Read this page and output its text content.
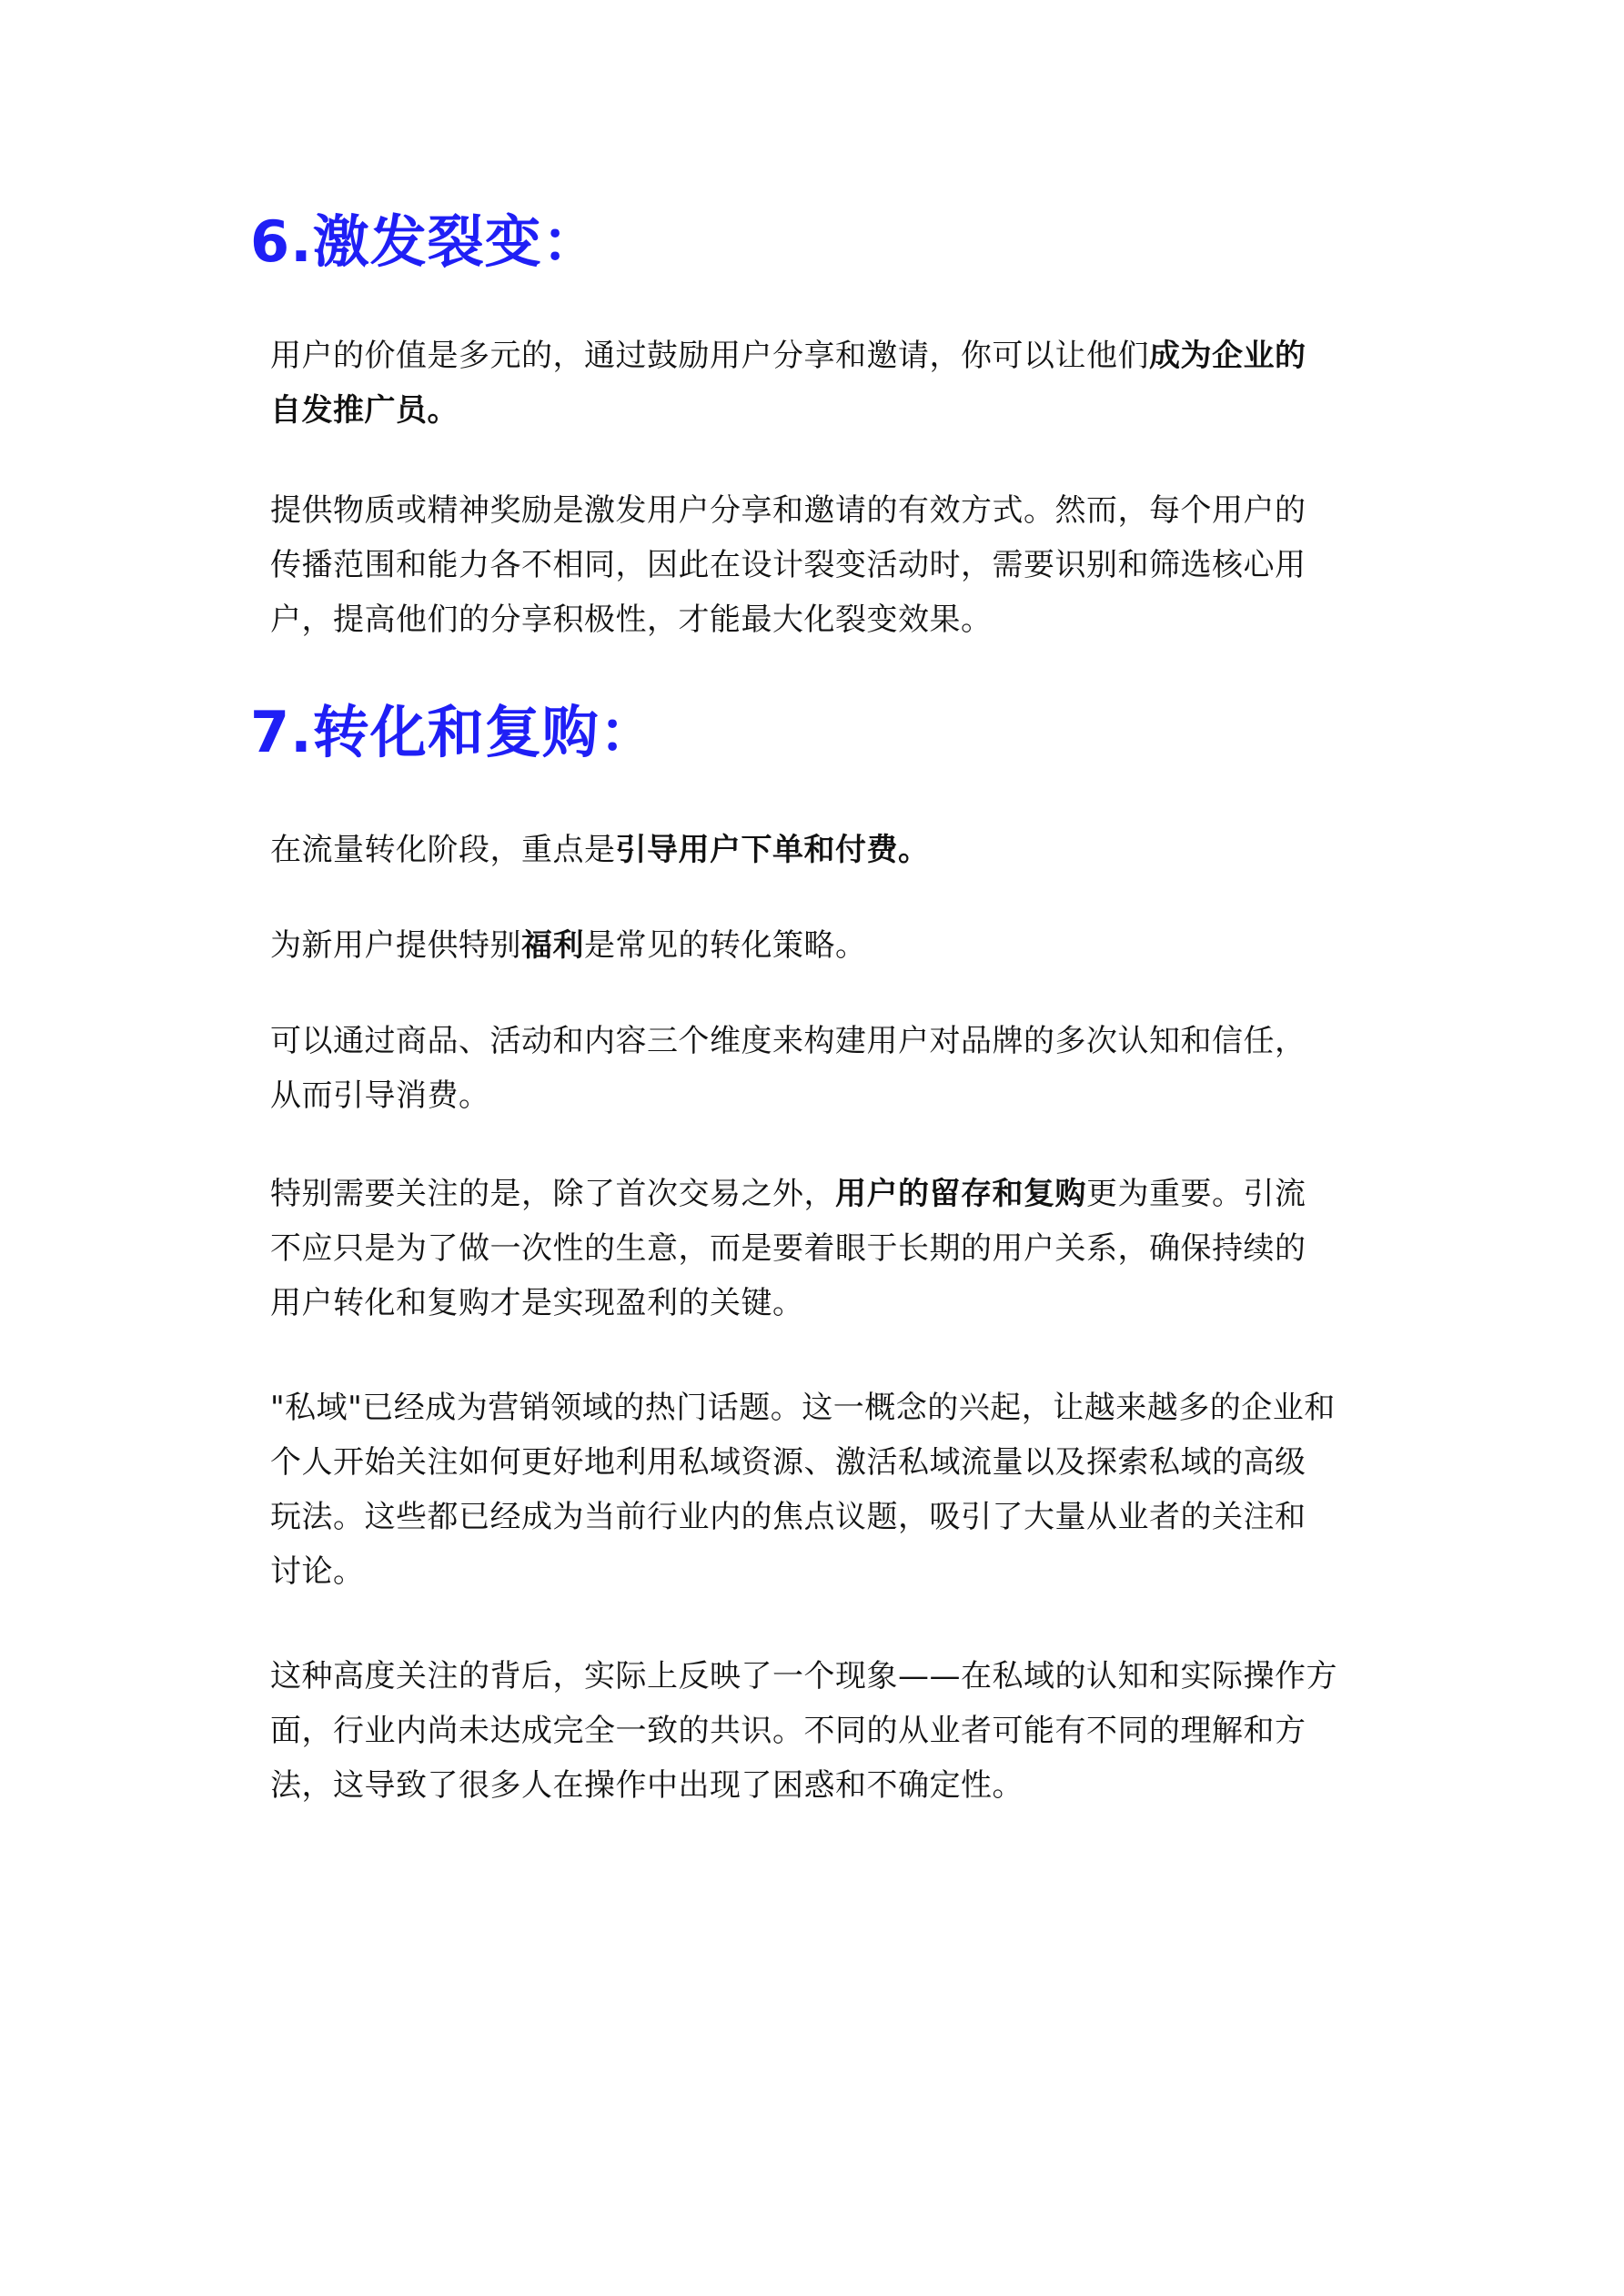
6.激发裂变：

用户的价值是多元的，通过鼓励用户分享和邀请，你可以让他们成为企业的
自发推广员。

提供物质或精神奖励是激发用户分享和邀请的有效方式。然而，每个用户的
传播范围和能力各不相同，因此在设计裂变活动时，需要识别和筛选核心用
户，提高他们的分享积极性，才能最大化裂变效果。

7.转化和复购：

在流量转化阶段，重点是引导用户下单和付费。

为新用户提供特别福利是常见的转化策略。

可以通过商品、活动和内容三个维度来构建用户对品牌的多次认知和信任，
从而引导消费。

特别需要关注的是，除了首次交易之外，用户的留存和复购更为重要。引流
不应只是为了做一次性的生意，而是要着眼于长期的用户关系，确保持续的
用户转化和复购才是实现盈利的关键。

"私域"已经成为营销领域的热门话题。这一概念的兴起，让越来越多的企业和
个人开始关注如何更好地利用私域资源、激活私域流量以及探索私域的高级
玩法。这些都已经成为当前行业内的焦点议题，吸引了大量从业者的关注和
讨论。

这种高度关注的背后，实际上反映了一个现象——在私域的认知和实际操作方
面，行业内尚未达成完全一致的共识。不同的从业者可能有不同的理解和方
法，这导致了很多人在操作中出现了困惑和不确定性。
